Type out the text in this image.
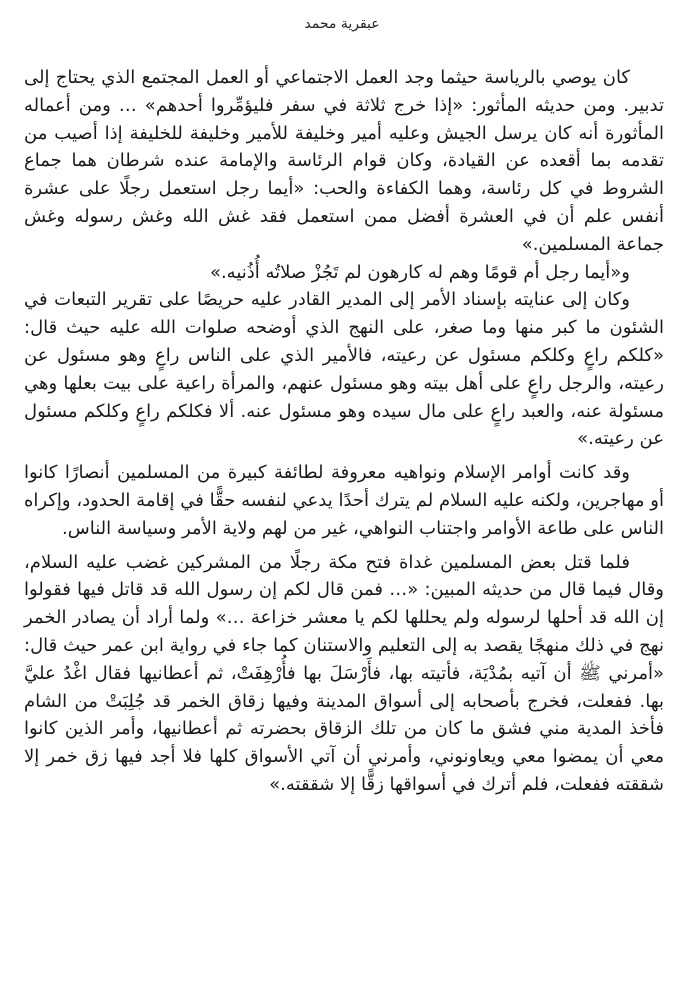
عبقرية محمد

كان يوصي بالرياسة حيثما وجد العمل الاجتماعي أو العمل المجتمع الذي يحتاج إلى تدبير. ومن حديثه المأثور: «إذا خرج ثلاثة في سفر فليؤمِّروا أحدهم» … ومن أعماله المأثورة أنه كان يرسل الجيش وعليه أمير وخليفة للأمير وخليفة للخليفة إذا أصيب من تقدمه بما أقعده عن القيادة، وكان قوام الرئاسة والإمامة عنده شرطان هما جماع الشروط في كل رئاسة، وهما الكفاءة والحب: «أيما رجل استعمل رجلًا على عشرة أنفس علم أن في العشرة أفضل ممن استعمل فقد غش الله وغش رسوله وغش جماعة المسلمين.»

و«أيما رجل أم قومًا وهم له كارهون لم تَجُزْ صلاتُه أُذُنيه.»

وكان إلى عنايته بإسناد الأمر إلى المدير القادر عليه حريصًا على تقرير التبعات في الشئون ما كبر منها وما صغر، على النهج الذي أوضحه صلوات الله عليه حيث قال: «كلكم راعٍ وكلكم مسئول عن رعيته، فالأمير الذي على الناس راعٍ وهو مسئول عن رعيته، والرجل راعٍ على أهل بيته وهو مسئول عنهم، والمرأة راعية على بيت بعلها وهي مسئولة عنه، والعبد راعٍ على مال سيده وهو مسئول عنه. ألا فكلكم راعٍ وكلكم مسئول عن رعيته.»

وقد كانت أوامر الإسلام ونواهيه معروفة لطائفة كبيرة من المسلمين أنصارًا كانوا أو مهاجرين، ولكنه عليه السلام لم يترك أحدًا يدعي لنفسه حقًّا في إقامة الحدود، وإكراه الناس على طاعة الأوامر واجتناب النواهي، غير من لهم ولاية الأمر وسياسة الناس.

فلما قتل بعض المسلمين غداة فتح مكة رجلًا من المشركين غضب عليه السلام، وقال فيما قال من حديثه المبين: «… فمن قال لكم إن رسول الله قد قاتل فيها فقولوا إن الله قد أحلها لرسوله ولم يحللها لكم يا معشر خزاعة …» ولما أراد أن يصادر الخمر نهج في ذلك منهجًا يقصد به إلى التعليم والاستنان كما جاء في رواية ابن عمر حيث قال: «أمرني ﷺ أن آتيه بمُدْيَة، فأتيته بها، فأَرْسَلَ بها فأُرْهِفَتْ، ثم أعطانيها فقال اغْدُ عليَّ بها. ففعلت، فخرج بأصحابه إلى أسواق المدينة وفيها زقاق الخمر قد جُلِبَتْ من الشام فأخذ المدية مني فشق ما كان من تلك الزقاق بحضرته ثم أعطانيها، وأمر الذين كانوا معي أن يمضوا معي ويعاونوني، وأمرني أن آتي الأسواق كلها فلا أجد فيها زق خمر إلا شققته ففعلت، فلم أترك في أسواقها زقًّا إلا شققته.»
